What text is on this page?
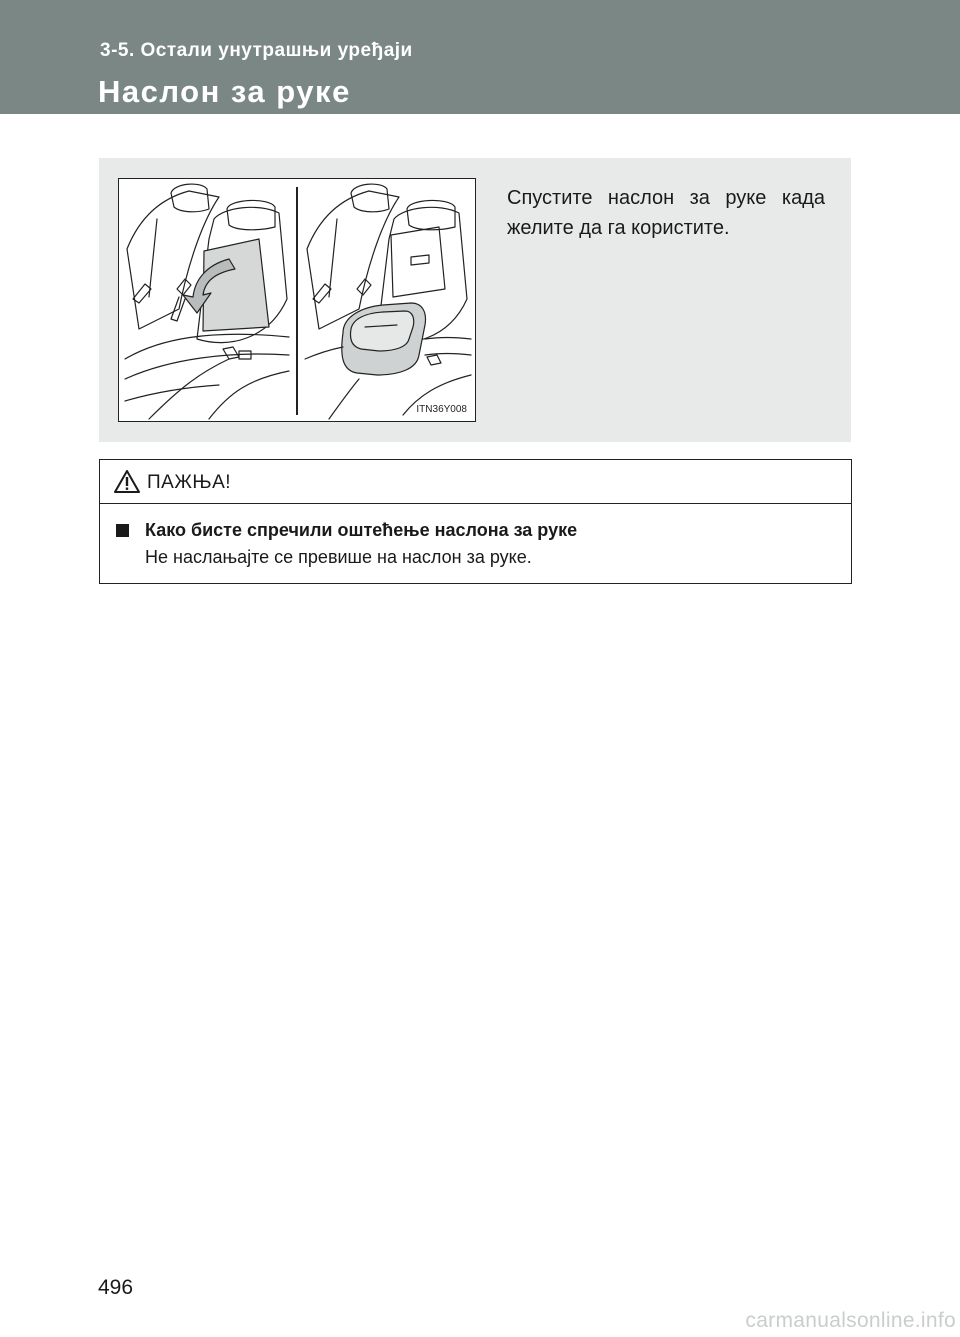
3-5. Остали унутрашњи уређаји
Наслон за руке
ITN36Y008
Спустите наслон за руке када желите да га користите.
ПАЖЊА!
Како бисте спречили оштећење наслона за руке
Не наслањајте се превише на наслон за руке.
496
carmanualsonline.info
